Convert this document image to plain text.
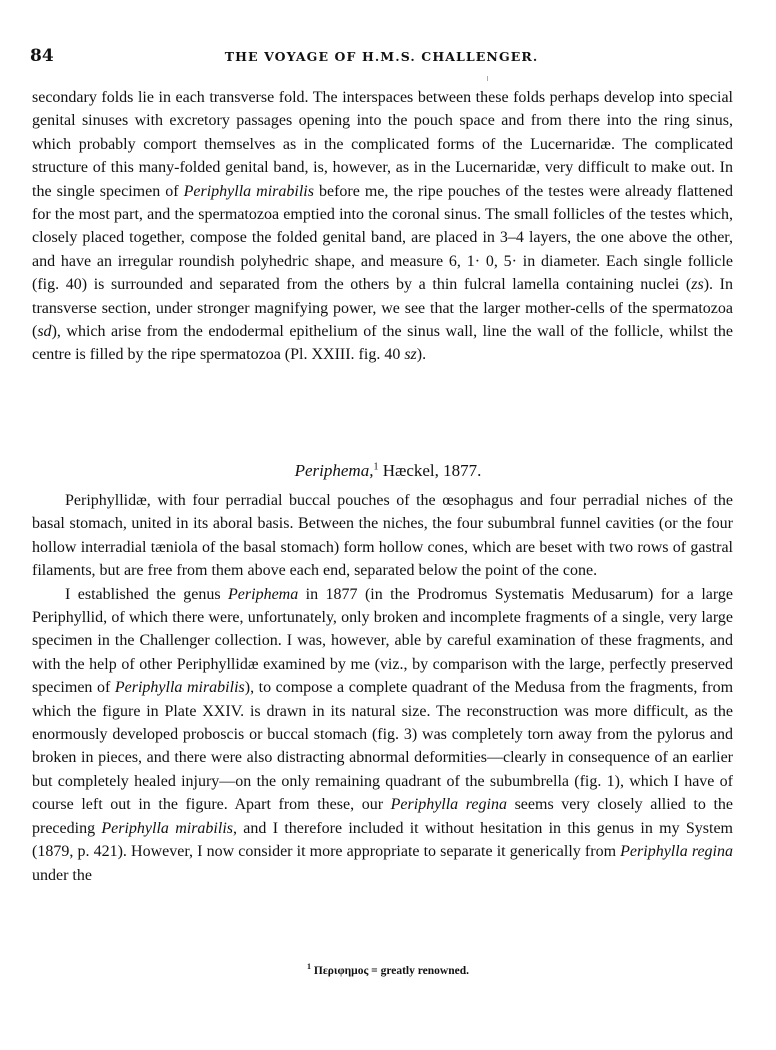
84	THE VOYAGE OF H.M.S. CHALLENGER.

secondary folds lie in each transverse fold. The interspaces between these folds perhaps develop into special genital sinuses with excretory passages opening into the pouch space and from there into the ring sinus, which probably comport themselves as in the complicated forms of the Lucernaridæ. The complicated structure of this many-folded genital band, is, however, as in the Lucernaridæ, very difficult to make out. In the single specimen of Periphylla mirabilis before me, the ripe pouches of the testes were already flattened for the most part, and the spermatozoa emptied into the coronal sinus. The small follicles of the testes which, closely placed together, compose the folded genital band, are placed in 3–4 layers, the one above the other, and have an irregular roundish polyhedric shape, and measure 6, 1· 0, 5· in diameter. Each single follicle (fig. 40) is surrounded and separated from the others by a thin fulcral lamella containing nuclei (zs). In transverse section, under stronger magnifying power, we see that the larger mother-cells of the spermatozoa (sd), which arise from the endodermal epithelium of the sinus wall, line the wall of the follicle, whilst the centre is filled by the ripe spermatozoa (Pl. XXIII. fig. 40 sz).

Periphema,$^1$ Hæckel, 1877.

Periphyllidæ, with four perradial buccal pouches of the œsophagus and four perradial niches of the basal stomach, united in its aboral basis. Between the niches, the four subumbral funnel cavities (or the four hollow interradial tæniola of the basal stomach) form hollow cones, which are beset with two rows of gastral filaments, but are free from them above each end, separated below the point of the cone.

I established the genus Periphema in 1877 (in the Prodromus Systematis Medusarum) for a large Periphyllid, of which there were, unfortunately, only broken and incomplete fragments of a single, very large specimen in the Challenger collection. I was, however, able by careful examination of these fragments, and with the help of other Periphyllidæ examined by me (viz., by comparison with the large, perfectly preserved specimen of Periphylla mirabilis), to compose a complete quadrant of the Medusa from the fragments, from which the figure in Plate XXIV. is drawn in its natural size. The reconstruction was more difficult, as the enormously developed proboscis or buccal stomach (fig. 3) was completely torn away from the pylorus and broken in pieces, and there were also distracting abnormal deformities—clearly in consequence of an earlier but completely healed injury—on the only remaining quadrant of the subumbrella (fig. 1), which I have of course left out in the figure. Apart from these, our Periphylla regina seems very closely allied to the preceding Periphylla mirabilis, and I therefore included it without hesitation in this genus in my System (1879, p. 421). However, I now consider it more appropriate to separate it generically from Periphylla regina under the

$^1$ Περιφημος = greatly renowned.
